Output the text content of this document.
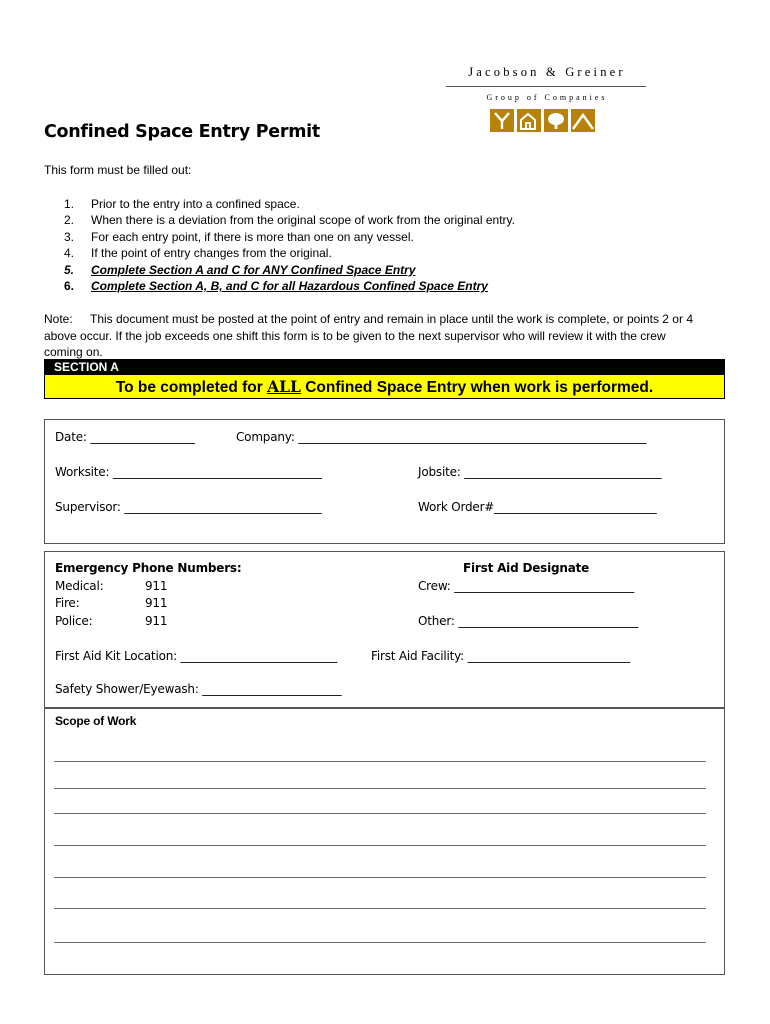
Jacobson & Greiner
Group of Companies
Confined Space Entry Permit
This form must be filled out:
1.	Prior to the entry into a confined space.
2.	When there is a deviation from the original scope of work from the original entry.
3.	For each entry point, if there is more than one on any vessel.
4.	If the point of entry changes from the original.
5.	Complete Section A and C for ANY Confined Space Entry
6.	Complete Section A, B, and C for all Hazardous Confined Space Entry
Note: This document must be posted at the point of entry and remain in place until the work is complete, or points 2 or 4 above occur. If the job exceeds one shift this form is to be given to the next supervisor who will review it with the crew coming on.
SECTION A
To be completed for ALL Confined Space Entry when work is performed.
Date: __________________	Company: ____________________________________________________________
Worksite: ____________________________________	Jobsite: __________________________________
Supervisor: __________________________________	Work Order#____________________________
Emergency Phone Numbers:
Medical:	911
Fire:	911
Police:	911
First Aid Designate
Crew: _______________________________
Other: _______________________________
First Aid Kit Location: ___________________________	First Aid Facility: ____________________________
Safety Shower/Eyewash: ________________________
Scope of Work
